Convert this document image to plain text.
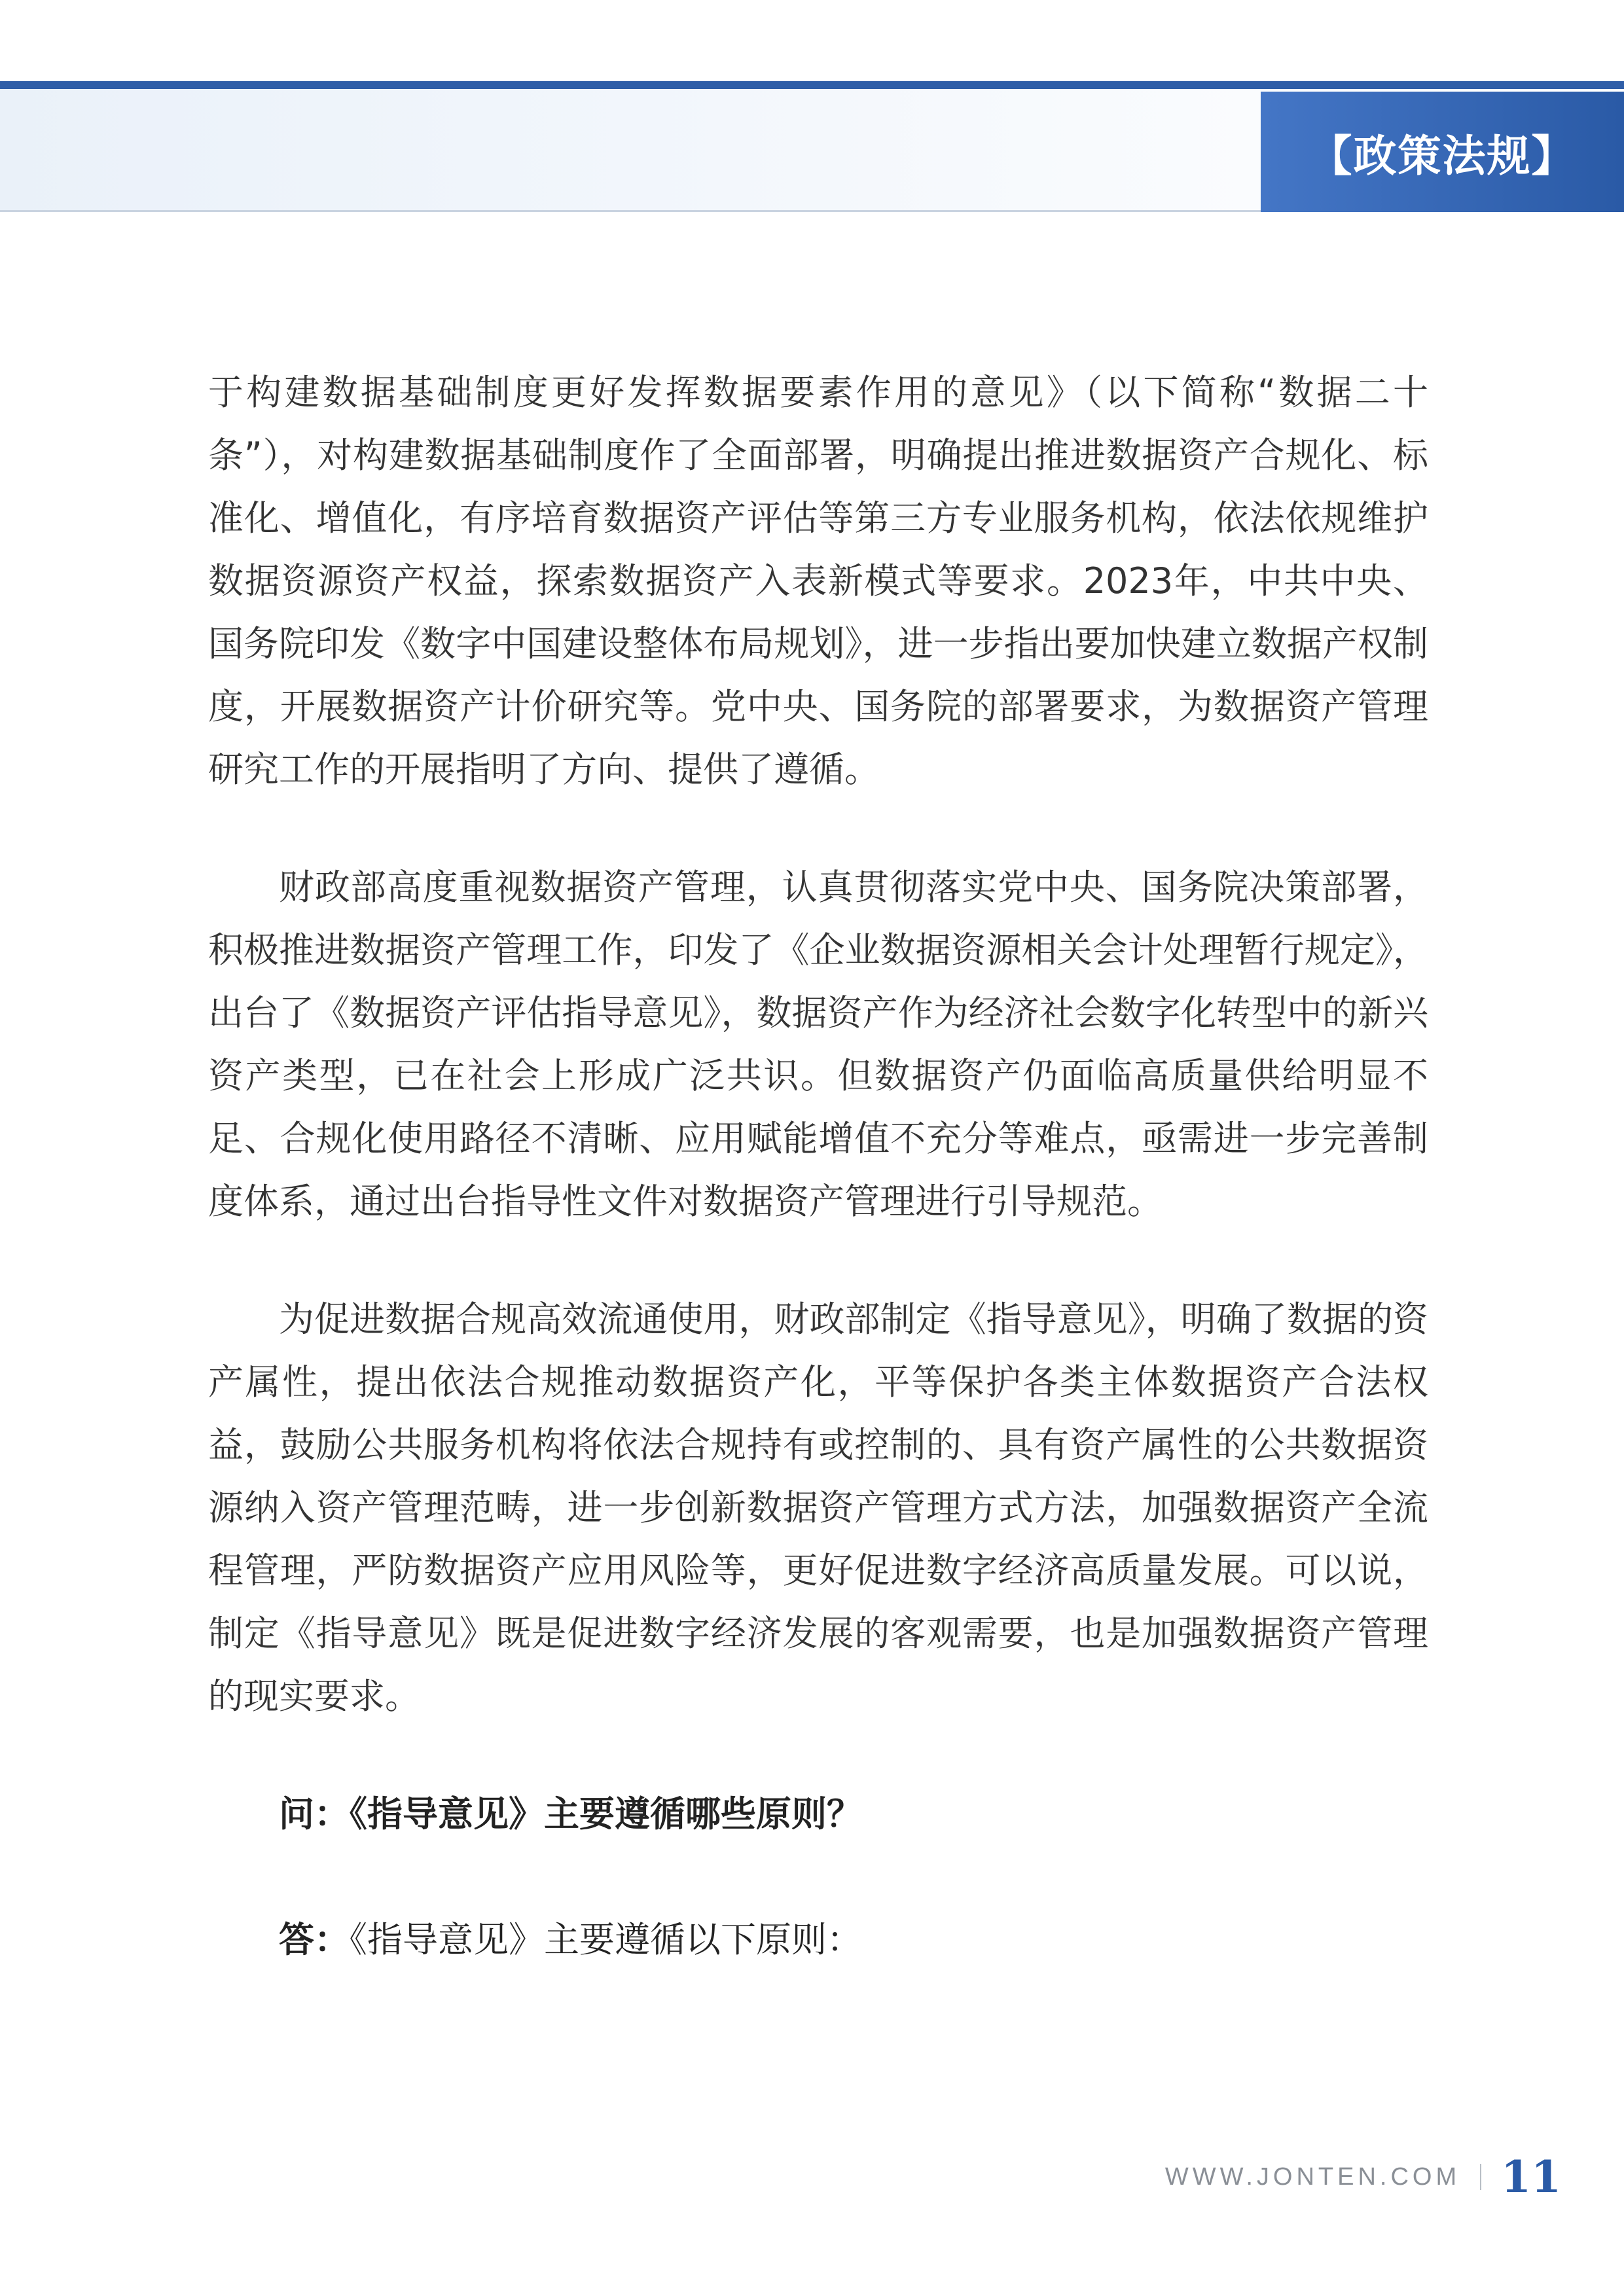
【政策法规】

于构建数据基础制度更好发挥数据要素作用的意见》（以下简称“数据二十条”），对构建数据基础制度作了全面部署，明确提出推进数据资产合规化、标准化、增值化，有序培育数据资产评估等第三方专业服务机构，依法依规维护数据资源资产权益，探索数据资产入表新模式等要求。2023年，中共中央、国务院印发《数字中国建设整体布局规划》，进一步指出要加快建立数据产权制度，开展数据资产计价研究等。党中央、国务院的部署要求，为数据资产管理研究工作的开展指明了方向、提供了遵循。

财政部高度重视数据资产管理，认真贯彻落实党中央、国务院决策部署，积极推进数据资产管理工作，印发了《企业数据资源相关会计处理暂行规定》，出台了《数据资产评估指导意见》，数据资产作为经济社会数字化转型中的新兴资产类型，已在社会上形成广泛共识。但数据资产仍面临高质量供给明显不足、合规化使用路径不清晰、应用赋能增值不充分等难点，亟需进一步完善制度体系，通过出台指导性文件对数据资产管理进行引导规范。

为促进数据合规高效流通使用，财政部制定《指导意见》，明确了数据的资产属性，提出依法合规推动数据资产化，平等保护各类主体数据资产合法权益，鼓励公共服务机构将依法合规持有或控制的、具有资产属性的公共数据资源纳入资产管理范畴，进一步创新数据资产管理方式方法，加强数据资产全流程管理，严防数据资产应用风险等，更好促进数字经济高质量发展。可以说，制定《指导意见》既是促进数字经济发展的客观需要，也是加强数据资产管理的现实要求。

问：《指导意见》主要遵循哪些原则？
答：《指导意见》主要遵循以下原则：
WWW.JONTEN.COM 11
